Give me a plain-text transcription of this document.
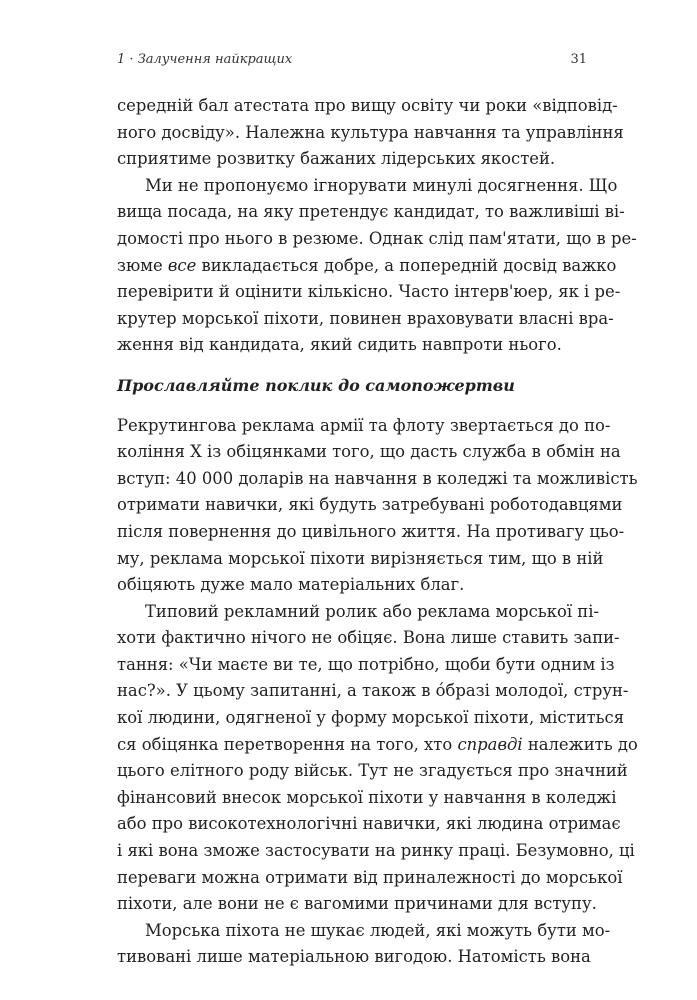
1 · Залучення найкращих	31

середній бал атестата про вищу освіту чи роки «відповід-
ного досвіду». Належна культура навчання та управління
сприятиме розвитку бажаних лідерських якостей.

Ми не пропонуємо ігнорувати минулі досягнення. Що
вища посада, на яку претендує кандидат, то важливіші ві-
домості про нього в резюме. Однак слід пам'ятати, що в ре-
зюме все викладається добре, а попередній досвід важко
перевірити й оцінити кількісно. Часто інтерв'юер, як і ре-
крутер морської піхоти, повинен враховувати власні вра-
ження від кандидата, який сидить навпроти нього.

Прославляйте поклик до самопожертви

Рекрутингова реклама армії та флоту звертається до по-
коління X із обіцянками того, що дасть служба в обмін на
вступ: 40 000 доларів на навчання в коледжі та можливість
отримати навички, які будуть затребувані роботодавцями
після повернення до цивільного життя. На противагу цьо-
му, реклама морської піхоти вирізняється тим, що в ній
обіцяють дуже мало матеріальних благ.

Типовий рекламний ролик або реклама морської пі-
хоти фактично нічого не обіцяє. Вона лише ставить запи-
тання: «Чи маєте ви те, що потрібно, щоби бути одним із
нас?». У цьому запитанні, а також в óбразі молодої, струн-
кої людини, одягненої у форму морської піхоти, міститься
ся обіцянка перетворення на того, хто справді належить до
цього елітного роду військ. Тут не згадується про значний
фінансовий внесок морської піхоти у навчання в коледжі
або про високотехнологічні навички, які людина отримає
і які вона зможе застосувати на ринку праці. Безумовно, ці
переваги можна отримати від приналежності до морської
піхоти, але вони не є вагомими причинами для вступу.

Морська піхота не шукає людей, які можуть бути мо-
тивовані лише матеріальною вигодою. Натомість вона
